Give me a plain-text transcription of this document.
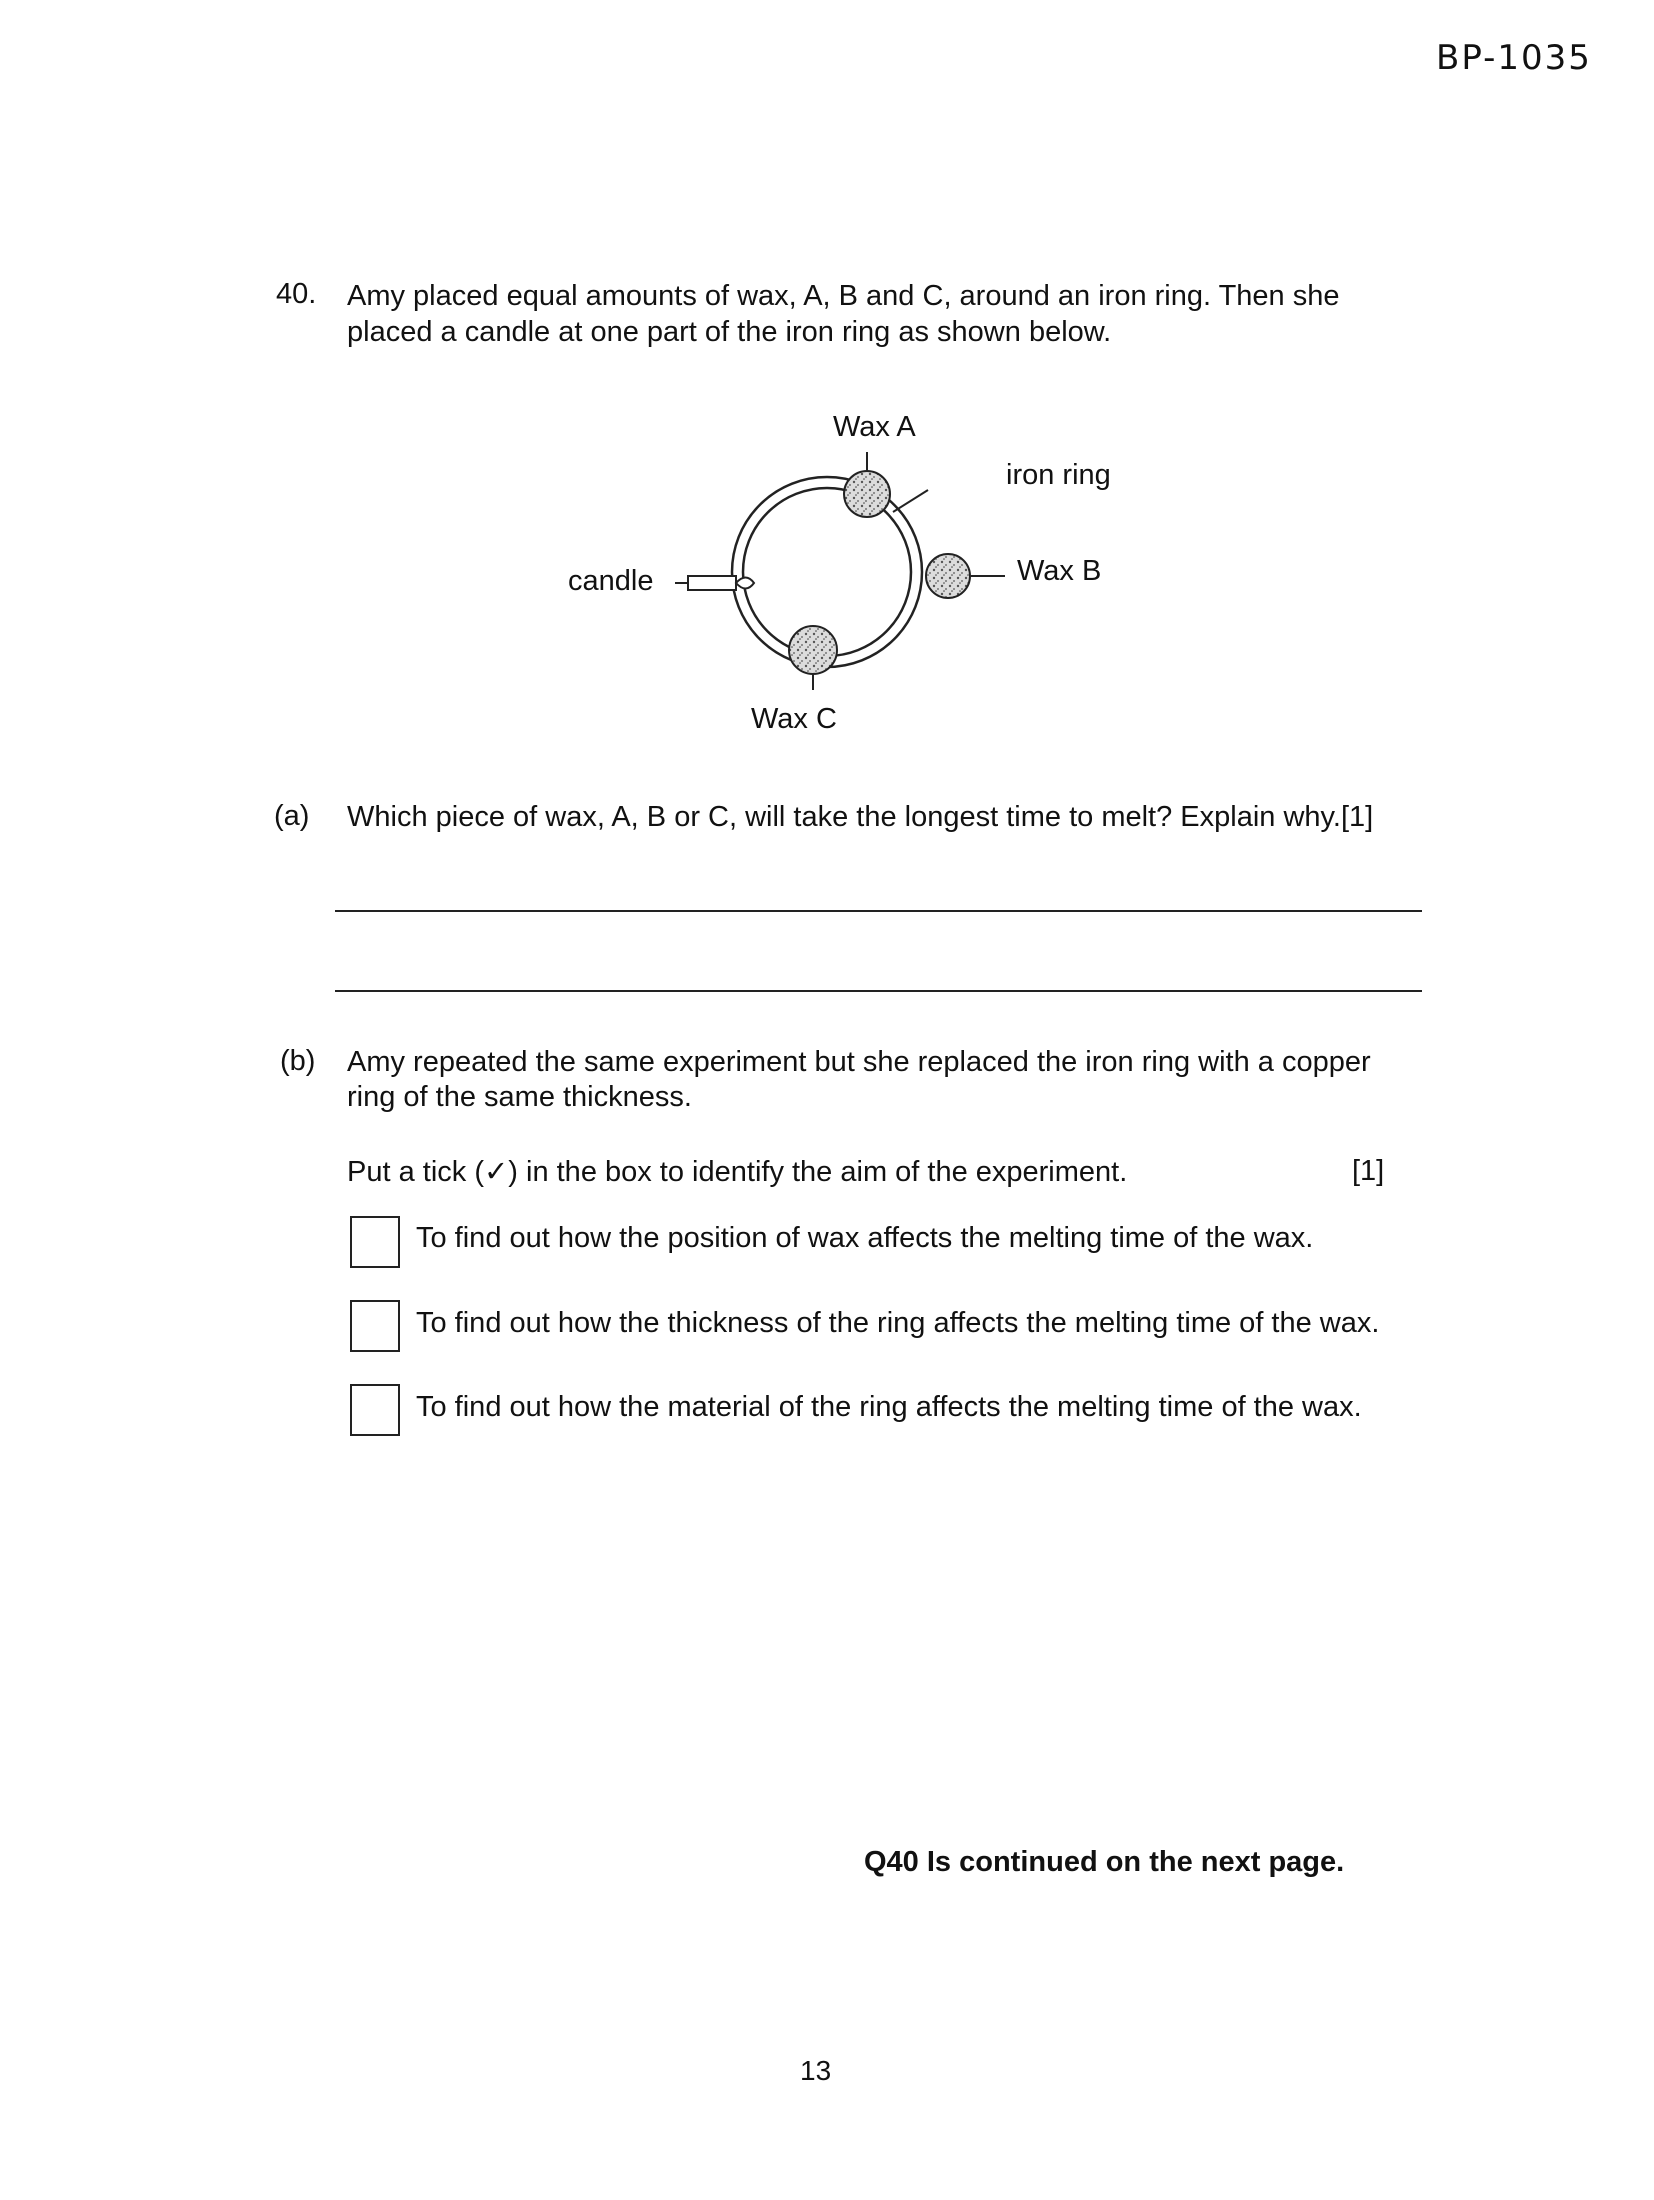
BP-1035
40. Amy placed equal amounts of wax, A, B and C, around an iron ring. Then she placed a candle at one part of the iron ring as shown below.
Wax A
iron ring
Wax B
candle
Wax C
(a) Which piece of wax, A, B or C, will take the longest time to melt? Explain why.[1]
(b) Amy repeated the same experiment but she replaced the iron ring with a copper ring of the same thickness.
Put a tick (✓) in the box to identify the aim of the experiment.	[1]
To find out how the position of wax affects the melting time of the wax.
To find out how the thickness of the ring affects the melting time of the wax.
To find out how the material of the ring affects the melting time of the wax.
Q40 Is continued on the next page.
13
